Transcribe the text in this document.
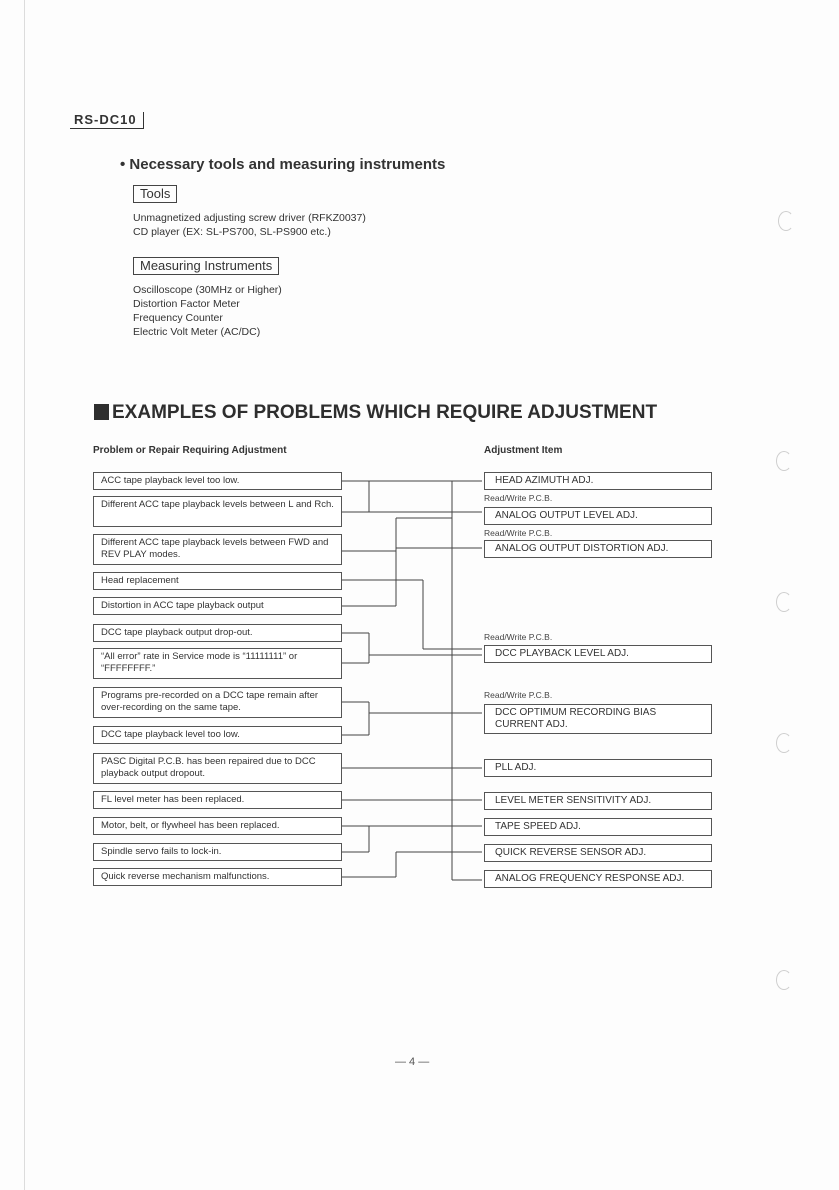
RS-DC10
• Necessary tools and measuring instruments
Tools
Unmagnetized adjusting screw driver (RFKZ0037)
CD player (EX: SL-PS700, SL-PS900 etc.)
Measuring Instruments
Oscilloscope (30MHz or Higher)
Distortion Factor Meter
Frequency Counter
Electric Volt Meter (AC/DC)
EXAMPLES OF PROBLEMS WHICH REQUIRE ADJUSTMENT
Problem or Repair Requiring Adjustment	Adjustment Item
ACC tape playback level too low.
Different ACC tape playback levels between L and Rch.
Different ACC tape playback levels between FWD and REV PLAY modes.
Head replacement
Distortion in ACC tape playback output
DCC tape playback output drop-out.
“All error” rate in Service mode is “11111111” or “FFFFFFFF.”
Programs pre-recorded on a DCC tape remain after over-recording on the same tape.
DCC tape playback level too low.
PASC Digital P.C.B. has been repaired due to DCC playback output dropout.
FL level meter has been replaced.
Motor, belt, or flywheel has been replaced.
Spindle servo fails to lock-in.
Quick reverse mechanism malfunctions.
HEAD AZIMUTH ADJ.
Read/Write P.C.B.
ANALOG OUTPUT LEVEL ADJ.
Read/Write P.C.B.
ANALOG OUTPUT DISTORTION ADJ.
Read/Write P.C.B.
DCC PLAYBACK LEVEL ADJ.
Read/Write P.C.B.
DCC OPTIMUM RECORDING BIAS CURRENT ADJ.
PLL ADJ.
LEVEL METER SENSITIVITY ADJ.
TAPE SPEED ADJ.
QUICK REVERSE SENSOR ADJ.
ANALOG FREQUENCY RESPONSE ADJ.
— 4 —
